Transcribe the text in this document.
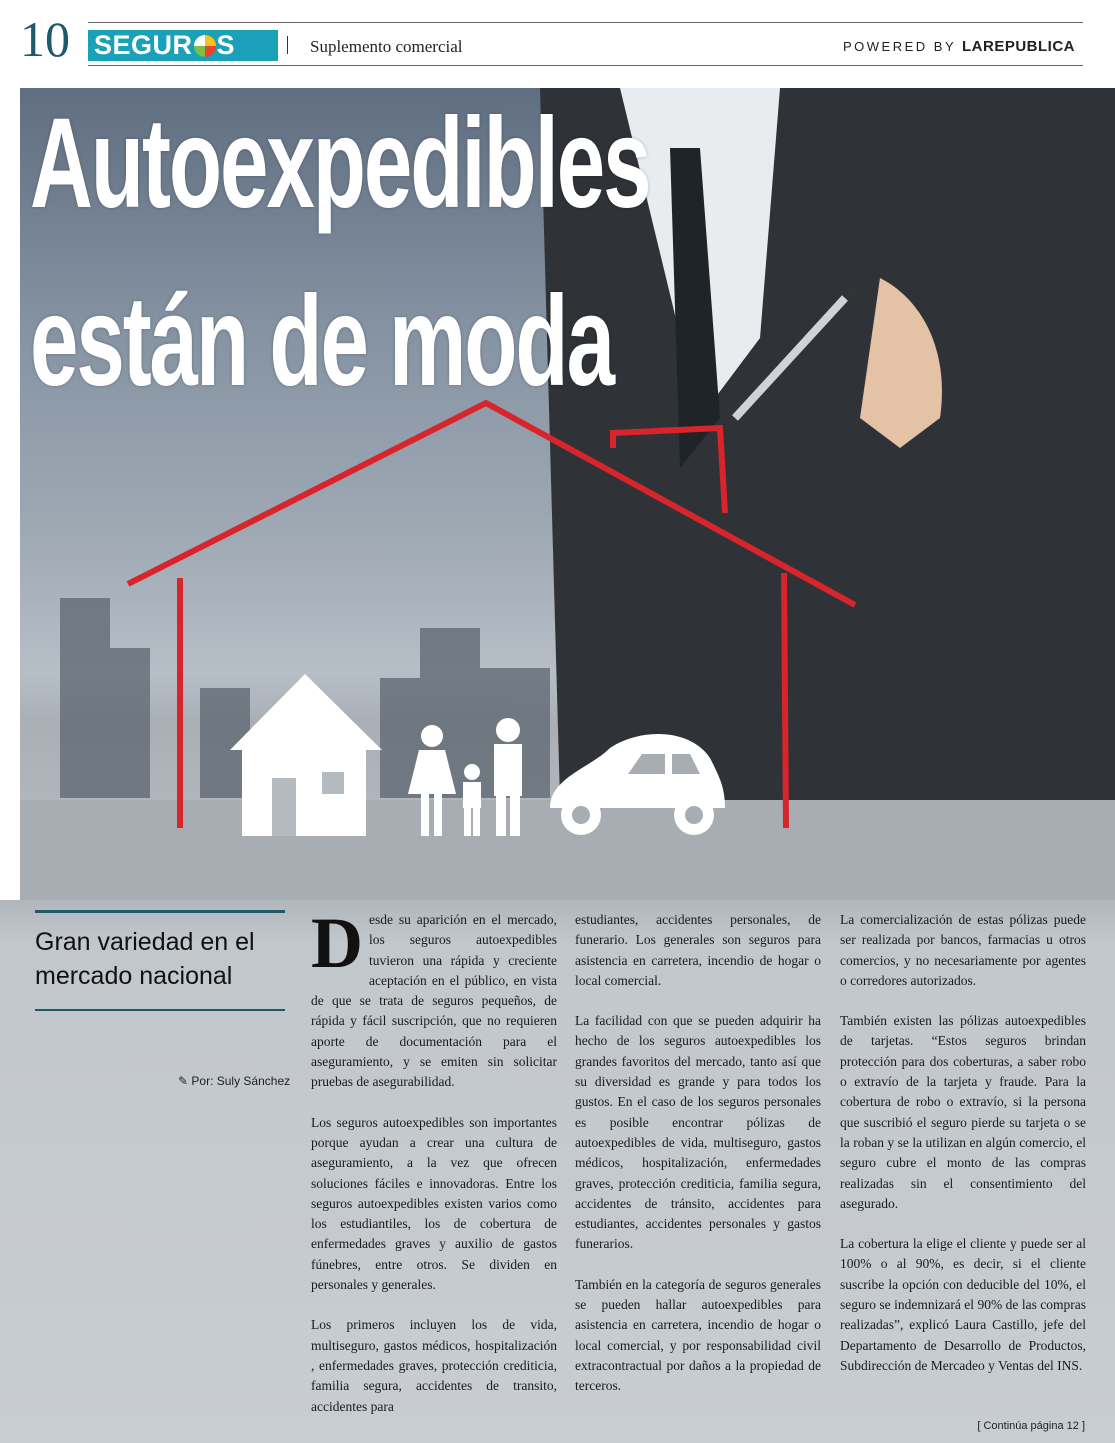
10 SEGUR S	Suplemento comercial	POWERED BY LAREPUBLICA
Autoexpedibles
están de moda
Gran variedad en el mercado nacional
✎ Por: Suly Sánchez

Desde su aparición en el mercado, los seguros autoexpedibles tuvieron una rápida y creciente aceptación en el público, en vista de que se trata de seguros pequeños, de rápida y fácil suscripción, que no requieren aporte de documentación para el aseguramiento, y se emiten sin solicitar pruebas de asegurabilidad.

Los seguros autoexpedibles son importantes porque ayudan a crear una cultura de aseguramiento, a la vez que ofrecen soluciones fáciles e innovadoras. Entre los seguros autoexpedibles existen varios como los estudiantiles, los de cobertura de enfermedades graves y auxilio de gastos fúnebres, entre otros. Se dividen en personales y generales.

Los primeros incluyen los de vida, multiseguro, gastos médicos, hospitalización , enfermedades graves, protección crediticia, familia segura, accidentes de transito, accidentes para

estudiantes, accidentes personales, de funerario. Los generales son seguros para asistencia en carretera, incendio de hogar o local comercial.

La facilidad con que se pueden adquirir ha hecho de los seguros autoexpedibles los grandes favoritos del mercado, tanto así que su diversidad es grande y para todos los gustos. En el caso de los seguros personales es posible encontrar pólizas de autoexpedibles de vida, multiseguro, gastos médicos, hospitalización, enfermedades graves, protección crediticia, familia segura, accidentes de tránsito, accidentes para estudiantes, accidentes personales y gastos funerarios.

También en la categoría de seguros generales se pueden hallar autoexpedibles para asistencia en carretera, incendio de hogar o local comercial, y por responsabilidad civil extracontractual por daños a la propiedad de terceros.

La comercialización de estas pólizas puede ser realizada por bancos, farmacias u otros comercios, y no necesariamente por agentes o corredores autorizados.

También existen las pólizas autoexpedibles de tarjetas. “Estos seguros brindan protección para dos coberturas, a saber robo o extravío de la tarjeta y fraude. Para la cobertura de robo o extravío, si la persona que suscribió el seguro pierde su tarjeta o se la roban y se la utilizan en algún comercio, el seguro cubre el monto de las compras realizadas sin el consentimiento del asegurado.

La cobertura la elige el cliente y puede ser al 100% o al 90%, es decir, si el cliente suscribe la opción con deducible del 10%, el seguro se indemnizará el 90% de las compras realizadas”, explicó Laura Castillo, jefe del Departamento de Desarrollo de Productos, Subdirección de Mercadeo y Ventas del INS.

[ Continúa página 12 ]
